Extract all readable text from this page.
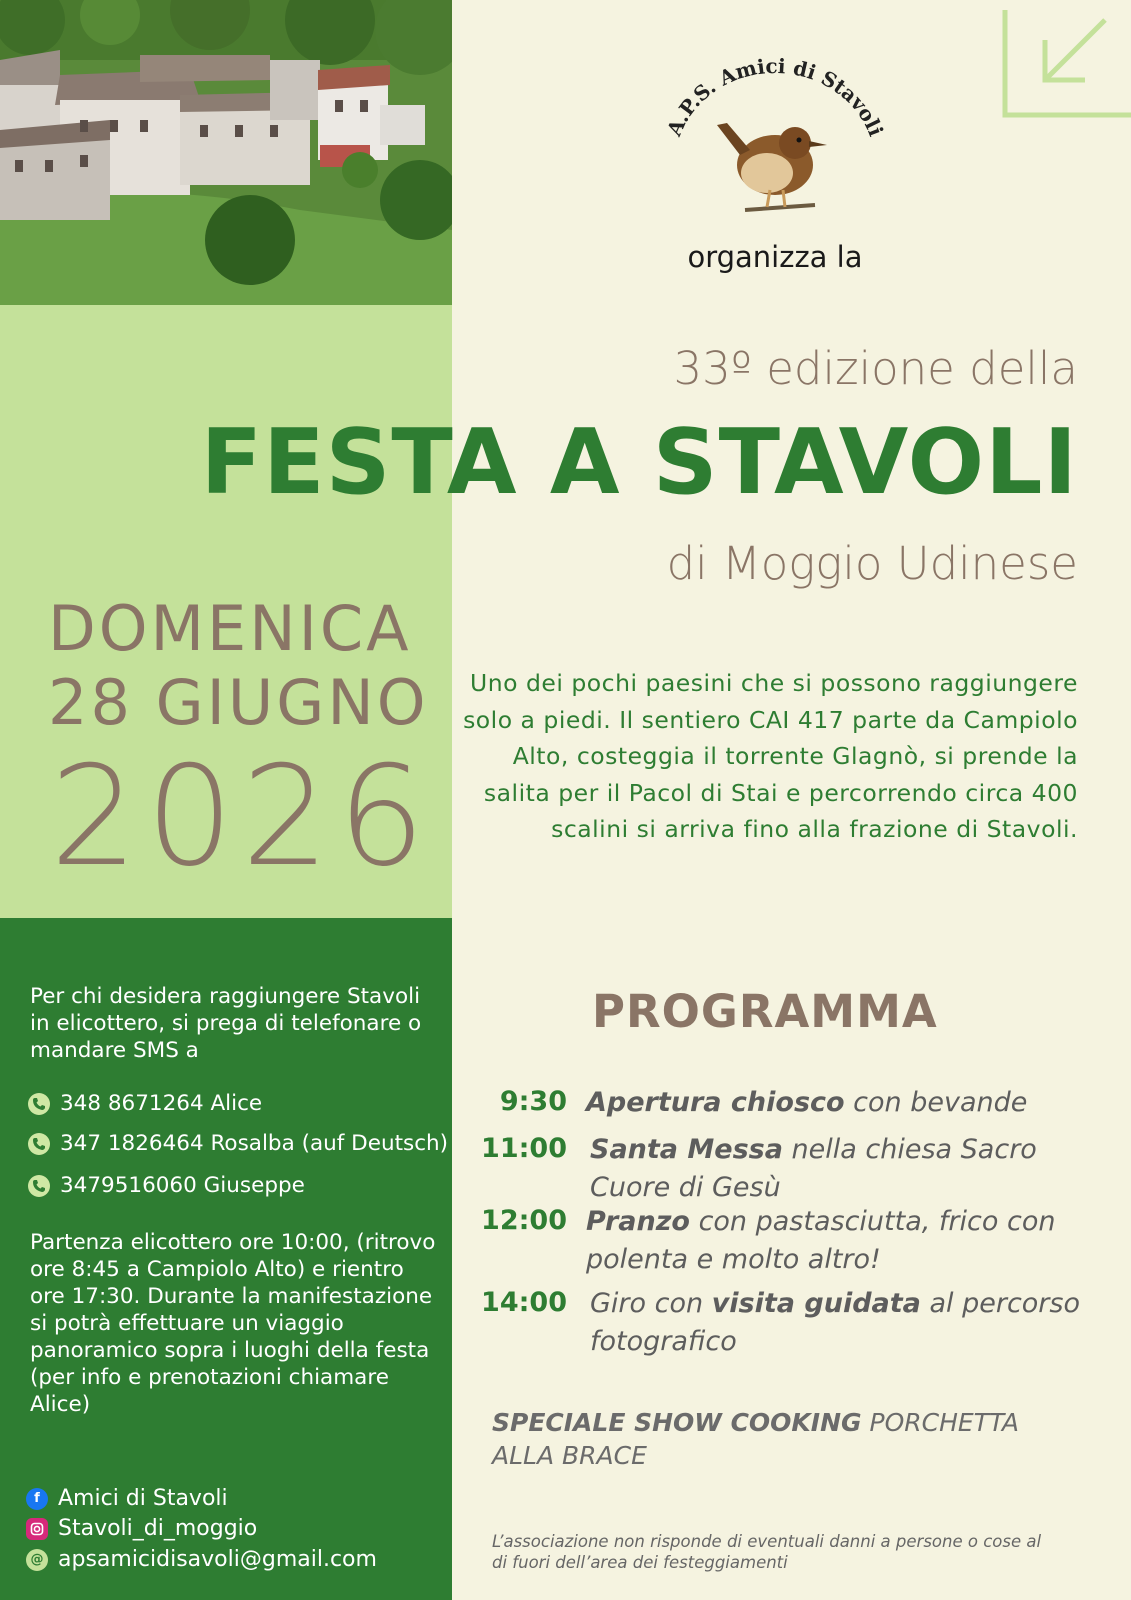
A.P.S. Amici di Stavoli
organizza la
33º edizione della
FESTA A STAVOLI
di Moggio Udinese
DOMENICA
28 GIUGNO
2026
Uno dei pochi paesini che si possono raggiungere solo a piedi. Il sentiero CAI 417 parte da Campiolo Alto, costeggia il torrente Glagnò, si prende la salita per il Pacol di Stai e percorrendo circa 400 scalini si arriva fino alla frazione di Stavoli.
Per chi desidera raggiungere Stavoli in elicottero, si prega di telefonare o mandare SMS a
348 8671264 Alice
347 1826464 Rosalba (auf Deutsch)
3479516060 Giuseppe
Partenza elicottero ore 10:00, (ritrovo ore 8:45 a Campiolo Alto) e rientro ore 17:30. Durante la manifestazione si potrà effettuare un viaggio panoramico sopra i luoghi della festa (per info e prenotazioni chiamare Alice)
f Amici di Stavoli
Stavoli_di_moggio
@ apsamicidisavoli@gmail.com
PROGRAMMA
9:30 Apertura chiosco con bevande
11:00 Santa Messa nella chiesa Sacro Cuore di Gesù
12:00 Pranzo con pastasciutta, frico con polenta e molto altro!
14:00 Giro con visita guidata al percorso fotografico
SPECIALE SHOW COOKING PORCHETTA ALLA BRACE
L’associazione non risponde di eventuali danni a persone o cose al di fuori dell’area dei festeggiamenti
